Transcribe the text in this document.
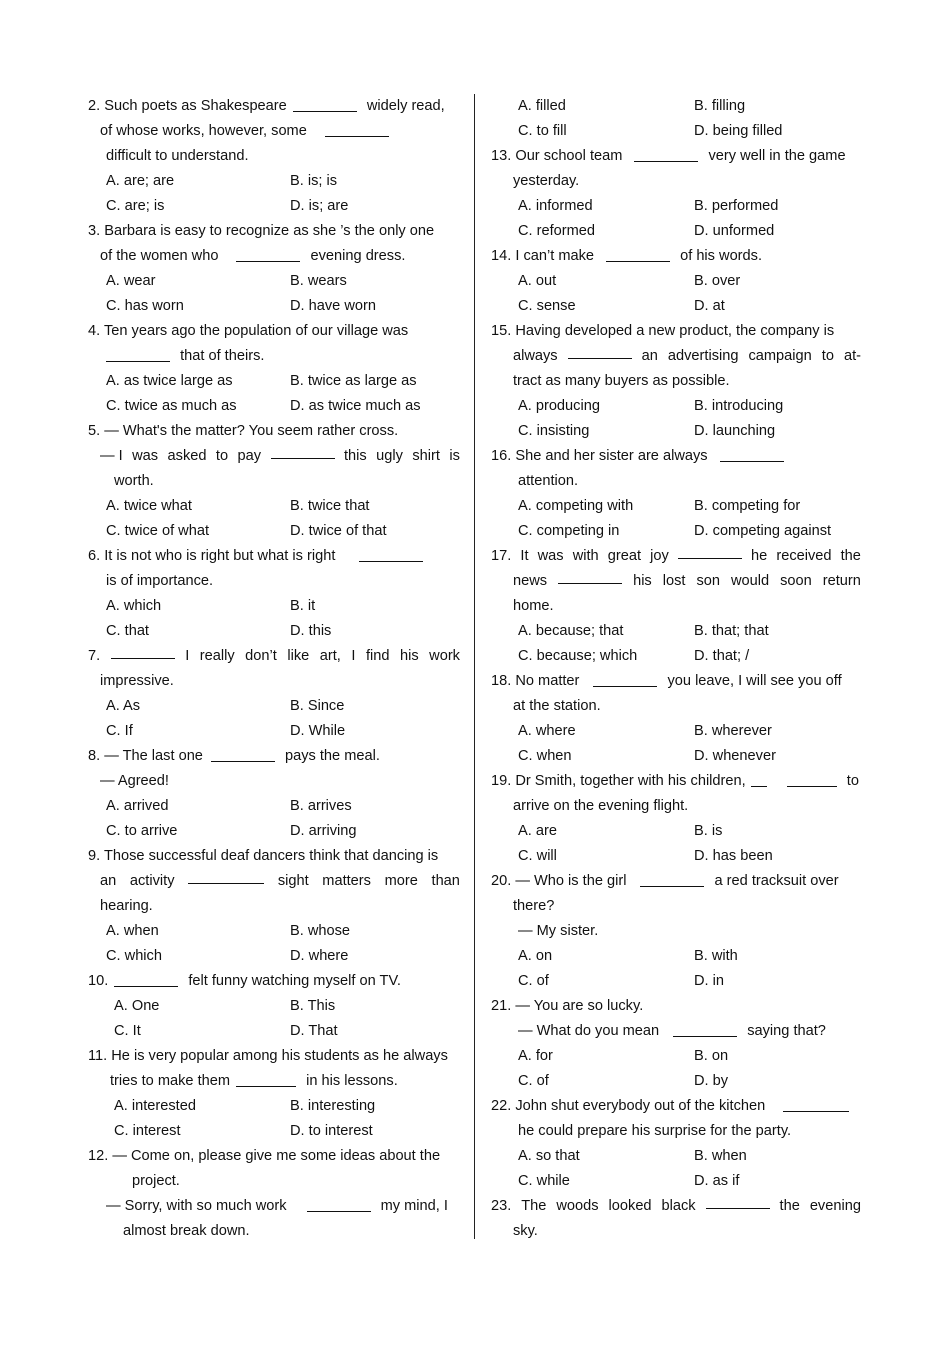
2. Such poets as Shakespeare	widely read,
of whose works, however, some
difficult to understand.
A. are; are	B. is; is
C. are; is	D. is; are
3. Barbara is easy to recognize as she ’s the only one
of the women who	evening dress.
A. wear	B. wears
C. has worn	D. have worn
4. Ten years ago the population of our village was
that of theirs.
A. as twice large as	B. twice as large as
C. twice as much as	D. as twice much as
5. — What's the matter? You seem rather cross.
— I was asked to pay	this ugly shirt is
worth.
A. twice what	B. twice that
C. twice of what	D. twice of that
6. It is not who is right but what is right
is of importance.
A. which	B. it
C. that	D. this
7.	I really don’t like art, I find his work
impressive.
A. As	B. Since
C. If	D. While
8. — The last one	pays the meal.
— Agreed!
A. arrived	B. arrives
C. to arrive	D. arriving
9. Those successful deaf dancers think that dancing is
an activity	sight matters more than
hearing.
A. when	B. whose
C. which	D. where
10.	felt funny watching myself on TV.
A. One	B. This
C. It	D. That
11. He is very popular among his students as he always
tries to make them	in his lessons.
A. interested	B. interesting
C. interest	D. to interest
12. — Come on, please give me some ideas about the
project.
— Sorry, with so much work	my mind, I
almost break down.
A. filled	B. filling
C. to fill	D. being filled
13. Our school team	very well in the game
yesterday.
A. informed	B. performed
C. reformed	D. unformed
14. I can’t make	of his words.
A. out	B. over
C. sense	D. at
15. Having developed a new product, the company is
always	an advertising campaign to at-
tract as many buyers as possible.
A. producing	B. introducing
C. insisting	D. launching
16. She and her sister are always
attention.
A. competing with	B. competing for
C. competing in	D. competing against
17. It was with great joy	he received the
news	his lost son would soon return
home.
A. because; that	B. that; that
C. because; which	D. that; /
18. No matter	you leave, I will see you off
at the station.
A. where	B. wherever
C. when	D. whenever
19. Dr Smith, together with his children,	to
arrive on the evening flight.
A. are	B. is
C. will	D. has been
20. — Who is the girl	a red tracksuit over
there?
— My sister.
A. on	B. with
C. of	D. in
21. — You are so lucky.
— What do you mean	saying that?
A. for	B. on
C. of	D. by
22. John shut everybody out of the kitchen
he could prepare his surprise for the party.
A. so that	B. when
C. while	D. as if
23. The woods looked black	the evening
sky.
